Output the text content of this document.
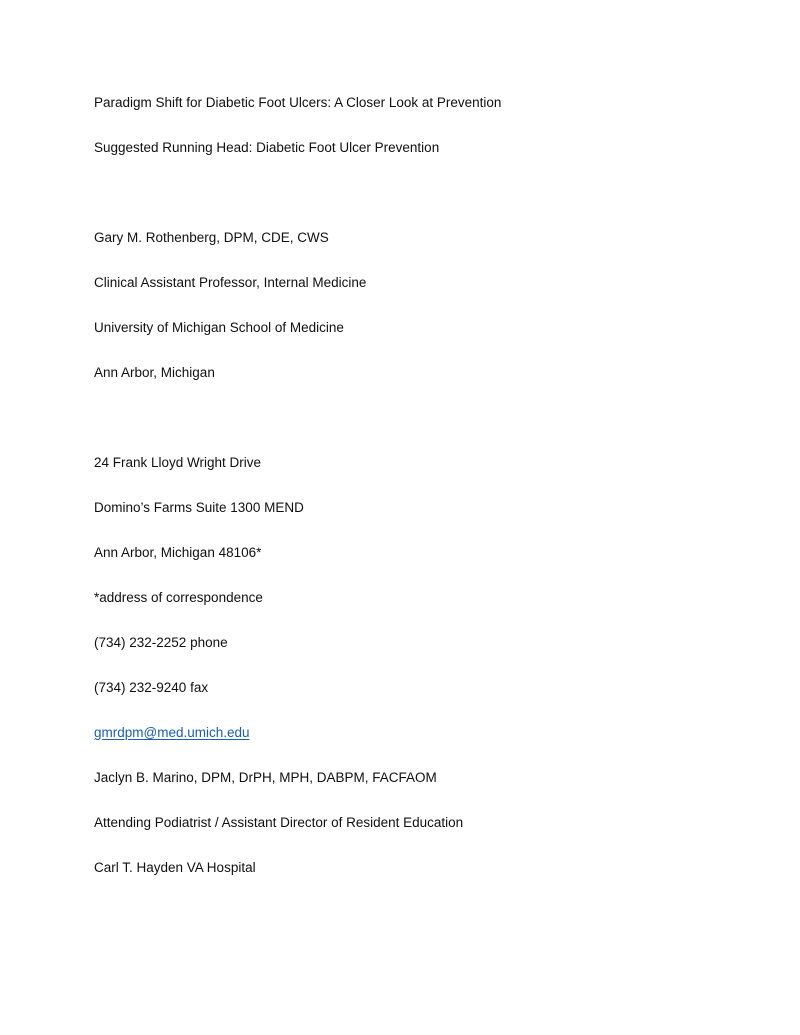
Paradigm Shift for Diabetic Foot Ulcers: A Closer Look at Prevention
Suggested Running Head: Diabetic Foot Ulcer Prevention
Gary M. Rothenberg, DPM, CDE, CWS
Clinical Assistant Professor, Internal Medicine
University of Michigan School of Medicine
Ann Arbor, Michigan
24 Frank Lloyd Wright Drive
Domino’s Farms Suite 1300 MEND
Ann Arbor, Michigan 48106*
*address of correspondence
(734) 232-2252 phone
(734) 232-9240 fax
gmrdpm@med.umich.edu
Jaclyn B. Marino, DPM, DrPH, MPH, DABPM, FACFAOM
Attending Podiatrist / Assistant Director of Resident Education
Carl T. Hayden VA Hospital
